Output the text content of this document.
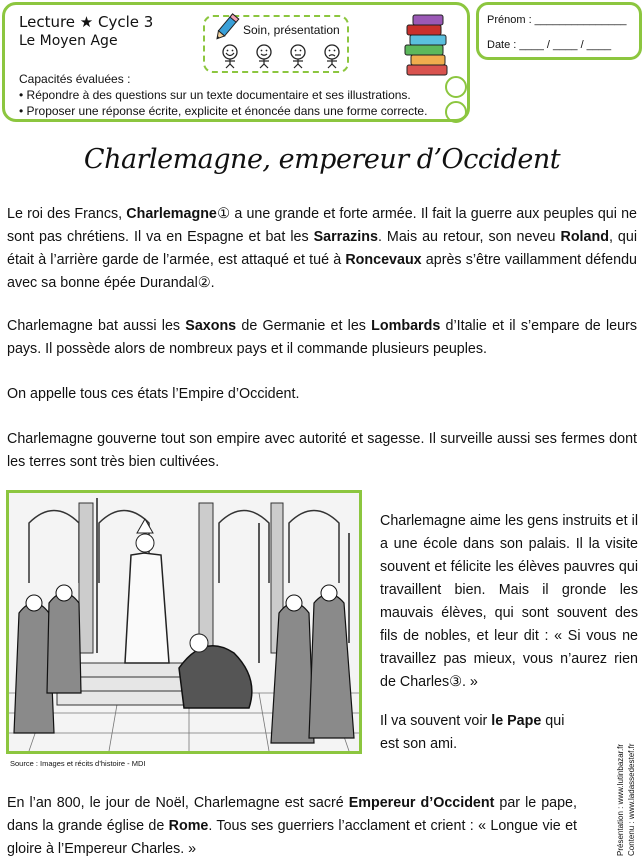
Lecture ★ Cycle 3
Le Moyen Age
Soin, présentation
Capacités évaluées :
• Répondre à des questions sur un texte documentaire et ses illustrations.
• Proposer une réponse écrite, explicite et énoncée dans une forme correcte.
Prénom : _______________
Date : ____ / ____ / ____
Charlemagne, empereur d’Occident

Le roi des Francs, Charlemagne① a une grande et forte armée. Il fait la guerre aux peuples qui ne sont pas chrétiens. Il va en Espagne et bat les Sarrazins. Mais au retour, son neveu Roland, qui était à l’arrière garde de l’armée, est attaqué et tué à Roncevaux après s’être vaillamment défendu avec sa bonne épée Durandal②.

Charlemagne bat aussi les Saxons de Germanie et les Lombards d’Italie et il s’empare de leurs pays. Il possède alors de nombreux pays et il commande plusieurs peuples.

On appelle tous ces états l’Empire d’Occident.

Charlemagne gouverne tout son empire avec autorité et sagesse. Il surveille aussi ses fermes dont les terres sont très bien cultivées.

Source : Images et récits d’histoire - MDI

Charlemagne aime les gens instruits et il a une école dans son palais. Il la visite souvent et félicite les élèves pauvres qui travaillent bien. Mais il gronde les mauvais élèves, qui sont souvent des fils de nobles, et leur dit : « Si vous ne travaillez pas mieux, vous n’aurez rien de Charles③. »

Il va souvent voir le Pape qui est son ami.

En l’an 800, le jour de Noël, Charlemagne est sacré Empereur d’Occident par le pape, dans la grande église de Rome. Tous ses guerriers l’acclament et crient : « Longue vie et gloire à l’Empereur Charles. »	Présentation : www.lutinbazar.fr Contenu : www.ladassedestef.fr
